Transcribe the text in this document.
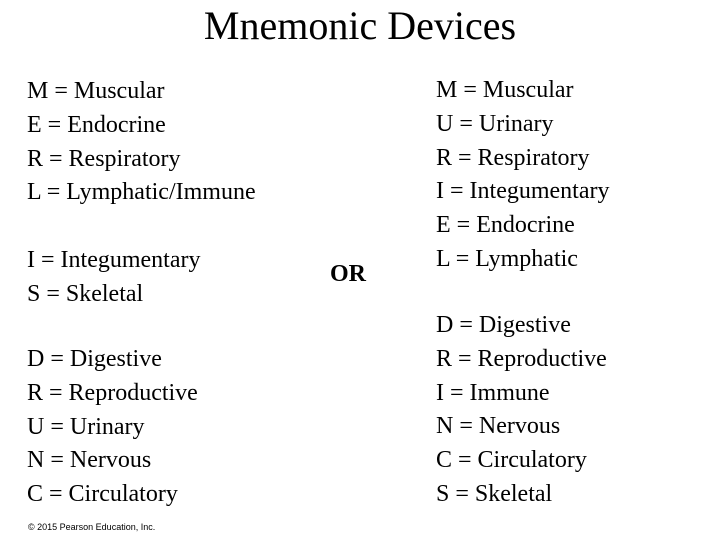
Mnemonic Devices
M = Muscular
E = Endocrine
R = Respiratory
L = Lymphatic/Immune
I = Integumentary
S = Skeletal
D = Digestive
R = Reproductive
U = Urinary
N = Nervous
C = Circulatory
OR
M = Muscular
U = Urinary
R = Respiratory
I = Integumentary
E = Endocrine
L = Lymphatic
D = Digestive
R = Reproductive
I = Immune
N = Nervous
C = Circulatory
S = Skeletal
© 2015 Pearson Education, Inc.
